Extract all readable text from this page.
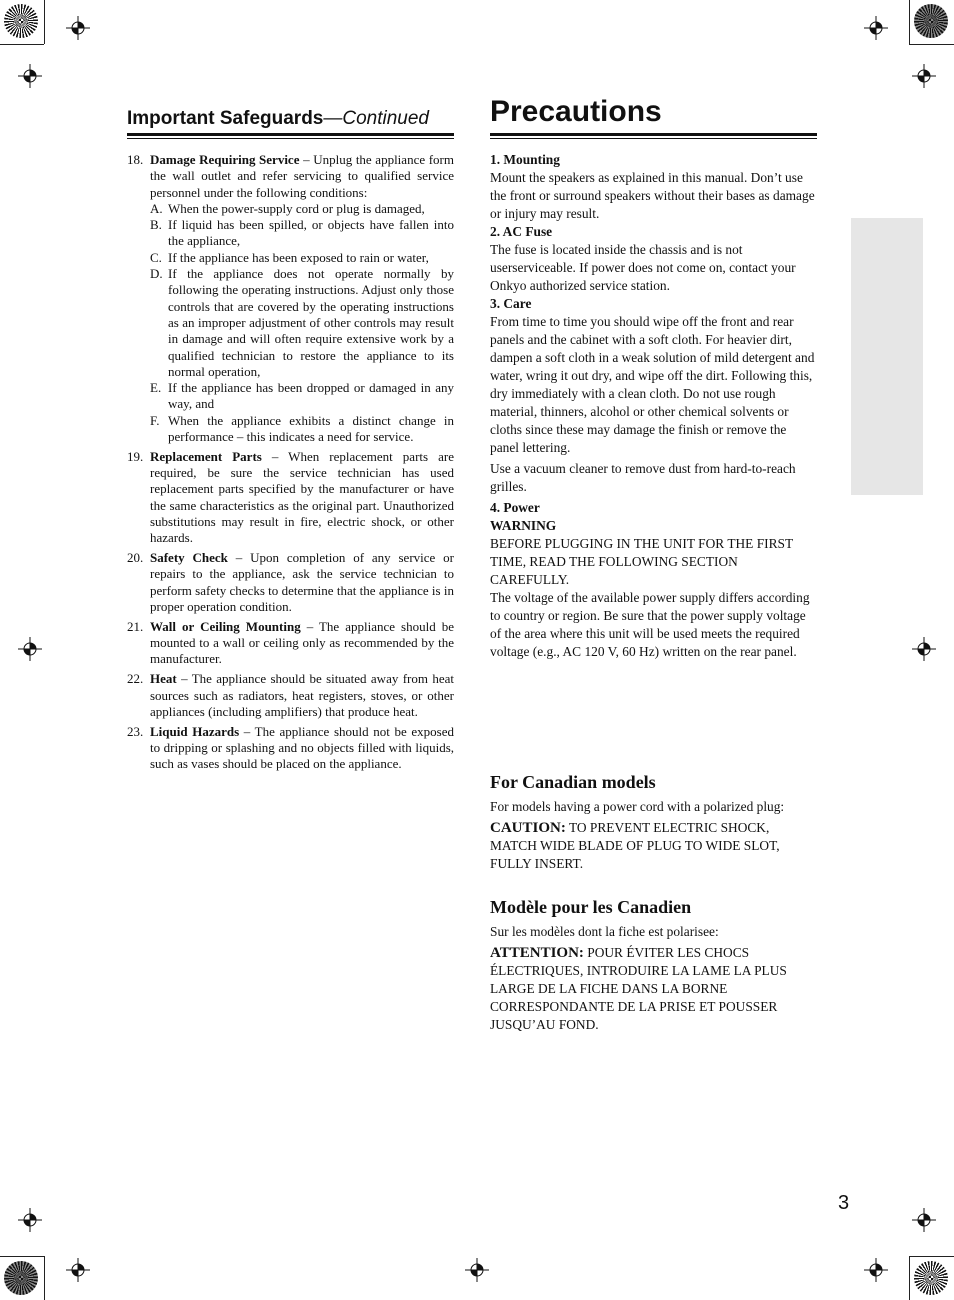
Important Safeguards—Continued
18. Damage Requiring Service – Unplug the appliance form the wall outlet and refer servicing to qualified service personnel under the following conditions:
A. When the power-supply cord or plug is damaged,
B. If liquid has been spilled, or objects have fallen into the appliance,
C. If the appliance has been exposed to rain or water,
D. If the appliance does not operate normally by following the operating instructions. Adjust only those controls that are covered by the operating instructions as an improper adjustment of other controls may result in damage and will often require extensive work by a qualified technician to restore the appliance to its normal operation,
E. If the appliance has been dropped or damaged in any way, and
F. When the appliance exhibits a distinct change in performance – this indicates a need for service.
19. Replacement Parts – When replacement parts are required, be sure the service technician has used replacement parts specified by the manufacturer or have the same characteristics as the original part. Unauthorized substitutions may result in fire, electric shock, or other hazards.
20. Safety Check – Upon completion of any service or repairs to the appliance, ask the service technician to perform safety checks to determine that the appliance is in proper operation condition.
21. Wall or Ceiling Mounting – The appliance should be mounted to a wall or ceiling only as recommended by the manufacturer.
22. Heat – The appliance should be situated away from heat sources such as radiators, heat registers, stoves, or other appliances (including amplifiers) that produce heat.
23. Liquid Hazards – The appliance should not be exposed to dripping or splashing and no objects filled with liquids, such as vases should be placed on the appliance.
Precautions
1. Mounting
Mount the speakers as explained in this manual. Don’t use the front or surround speakers without their bases as damage or injury may result.
2. AC Fuse
The fuse is located inside the chassis and is not userserviceable. If power does not come on, contact your Onkyo authorized service station.
3. Care
From time to time you should wipe off the front and rear panels and the cabinet with a soft cloth. For heavier dirt, dampen a soft cloth in a weak solution of mild detergent and water, wring it out dry, and wipe off the dirt. Following this, dry immediately with a clean cloth. Do not use rough material, thinners, alcohol or other chemical solvents or cloths since these may damage the finish or remove the panel lettering.
Use a vacuum cleaner to remove dust from hard-to-reach grilles.
4. Power
WARNING
BEFORE PLUGGING IN THE UNIT FOR THE FIRST TIME, READ THE FOLLOWING SECTION CAREFULLY.
The voltage of the available power supply differs according to country or region. Be sure that the power supply voltage of the area where this unit will be used meets the required voltage (e.g., AC 120 V, 60 Hz) written on the rear panel.
For Canadian models
For models having a power cord with a polarized plug:
CAUTION: TO PREVENT ELECTRIC SHOCK, MATCH WIDE BLADE OF PLUG TO WIDE SLOT, FULLY INSERT.
Modèle pour les Canadien
Sur les modèles dont la fiche est polarisee:
ATTENTION: POUR ÉVITER LES CHOCS ÉLECTRIQUES, INTRODUIRE LA LAME LA PLUS LARGE DE LA FICHE DANS LA BORNE CORRESPONDANTE DE LA PRISE ET POUSSER JUSQU’AU FOND.
3
